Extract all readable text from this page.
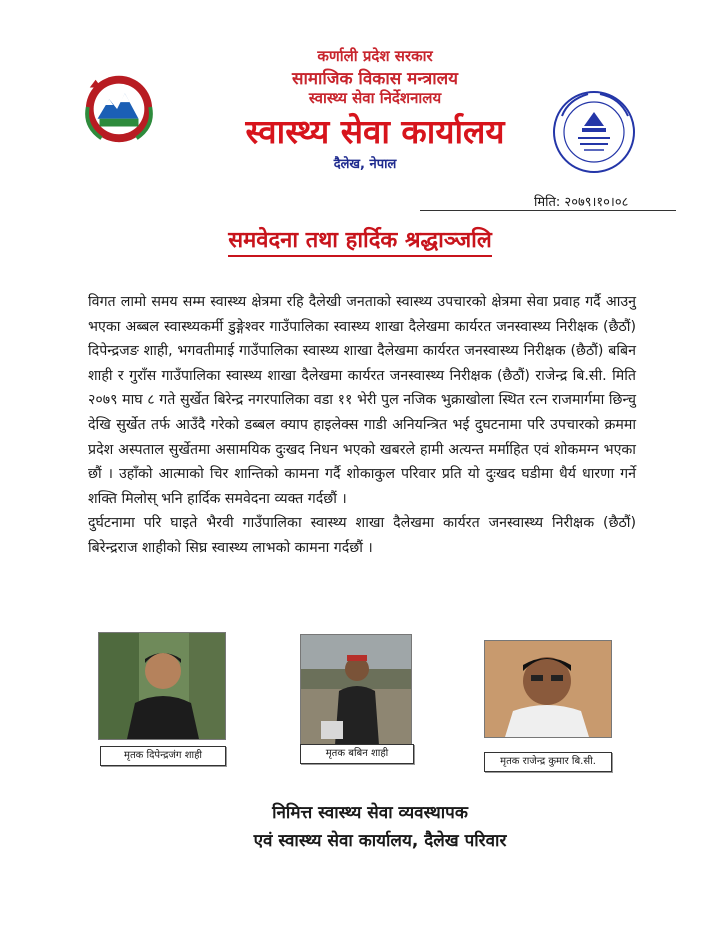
कर्णाली प्रदेश सरकार
सामाजिक विकास मन्त्रालय
स्वास्थ्य सेवा निर्देशनालय
स्वास्थ्य सेवा कार्यालय
दैलेख, नेपाल
मिति: २०७९।१०।०८
समवेदना तथा हार्दिक श्रद्धाञ्जलि

विगत लामो समय सम्म स्वास्थ्य क्षेत्रमा रहि दैलेखी जनताको स्वास्थ्य उपचारको क्षेत्रमा सेवा प्रवाह गर्दै आउनु भएका अब्बल स्वास्थ्यकर्मी डुङ्गेश्वर गाउँपालिका स्वास्थ्य शाखा दैलेखमा कार्यरत जनस्वास्थ्य निरीक्षक (छैठौं) दिपेन्द्रजङ शाही, भगवतीमाई गाउँपालिका स्वास्थ्य शाखा दैलेखमा कार्यरत जनस्वास्थ्य निरीक्षक (छैठौं) बबिन शाही र गुराँस गाउँपालिका स्वास्थ्य शाखा दैलेखमा कार्यरत जनस्वास्थ्य निरीक्षक (छैठौं) राजेन्द्र बि.सी. मिति २०७९ माघ ८ गते सुर्खेत बिरेन्द्र नगरपालिका वडा ११ भेरी पुल नजिक भुक्राखोला स्थित रत्न राजमार्गमा छिन्चु देखि सुर्खेत तर्फ आउँदै गरेको डब्बल क्याप हाइलेक्स गाडी अनियन्त्रित भई दुघटनामा परि उपचारको क्रममा प्रदेश अस्पताल सुर्खेतमा असामयिक दुःखद निधन भएको खबरले हामी अत्यन्त मर्माहित एवं शोकमग्न भएका छौं । उहाँको आत्माको चिर शान्तिको कामना गर्दै शोकाकुल परिवार प्रति यो दुःखद घडीमा धैर्य धारणा गर्ने शक्ति मिलोस् भनि हार्दिक समवेदना व्यक्त गर्दछौं ।

दुर्घटनामा परि घाइते भैरवी गाउँपालिका स्वास्थ्य शाखा दैलेखमा कार्यरत जनस्वास्थ्य निरीक्षक (छैठौं) बिरेन्द्रराज शाहीको सिघ्र स्वास्थ्य लाभको कामना गर्दछौं ।

मृतक दिपेन्द्रजंग शाही	मृतक बबिन शाही
मृतक राजेन्द्र कुमार बि.सी.
निमित्त स्वास्थ्य सेवा व्यवस्थापक
एवं स्वास्थ्य सेवा कार्यालय, दैलेख परिवार
